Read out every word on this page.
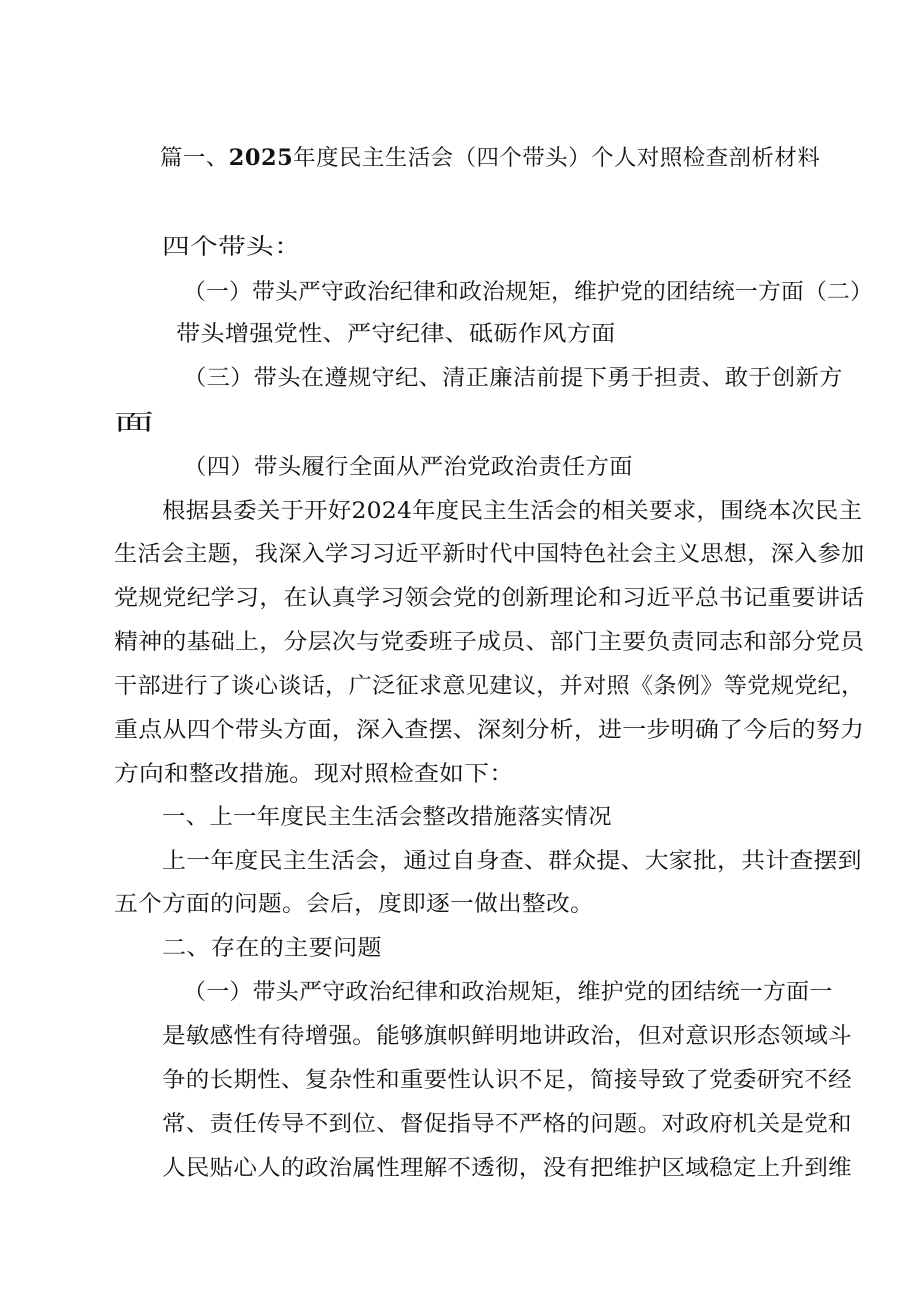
篇一、2025年度民主生活会（四个带头）个人对照检查剖析材料
四个带头：
（一）带头严守政治纪律和政治规矩，维护党的团结统一方面（二）
带头增强党性、严守纪律、砥砺作风方面
（三）带头在遵规守纪、清正廉洁前提下勇于担责、敢于创新方
面
（四）带头履行全面从严治党政治责任方面
根据县委关于开好2024年度民主生活会的相关要求，围绕本次民主
生活会主题，我深入学习习近平新时代中国特色社会主义思想，深入参加
党规党纪学习，在认真学习领会党的创新理论和习近平总书记重要讲话
精神的基础上，分层次与党委班子成员、部门主要负责同志和部分党员
干部进行了谈心谈话，广泛征求意见建议，并对照《条例》等党规党纪，
重点从四个带头方面，深入查摆、深刻分析，进一步明确了今后的努力
方向和整改措施。现对照检查如下：
一、上一年度民主生活会整改措施落实情况
上一年度民主生活会，通过自身查、群众提、大家批，共计查摆到
五个方面的问题。会后，度即逐一做出整改。
二、存在的主要问题
（一）带头严守政治纪律和政治规矩，维护党的团结统一方面一
是敏感性有待增强。能够旗帜鲜明地讲政治，但对意识形态领域斗
争的长期性、复杂性和重要性认识不足，简接导致了党委研究不经
常、责任传导不到位、督促指导不严格的问题。对政府机关是党和
人民贴心人的政治属性理解不透彻，没有把维护区域稳定上升到维
